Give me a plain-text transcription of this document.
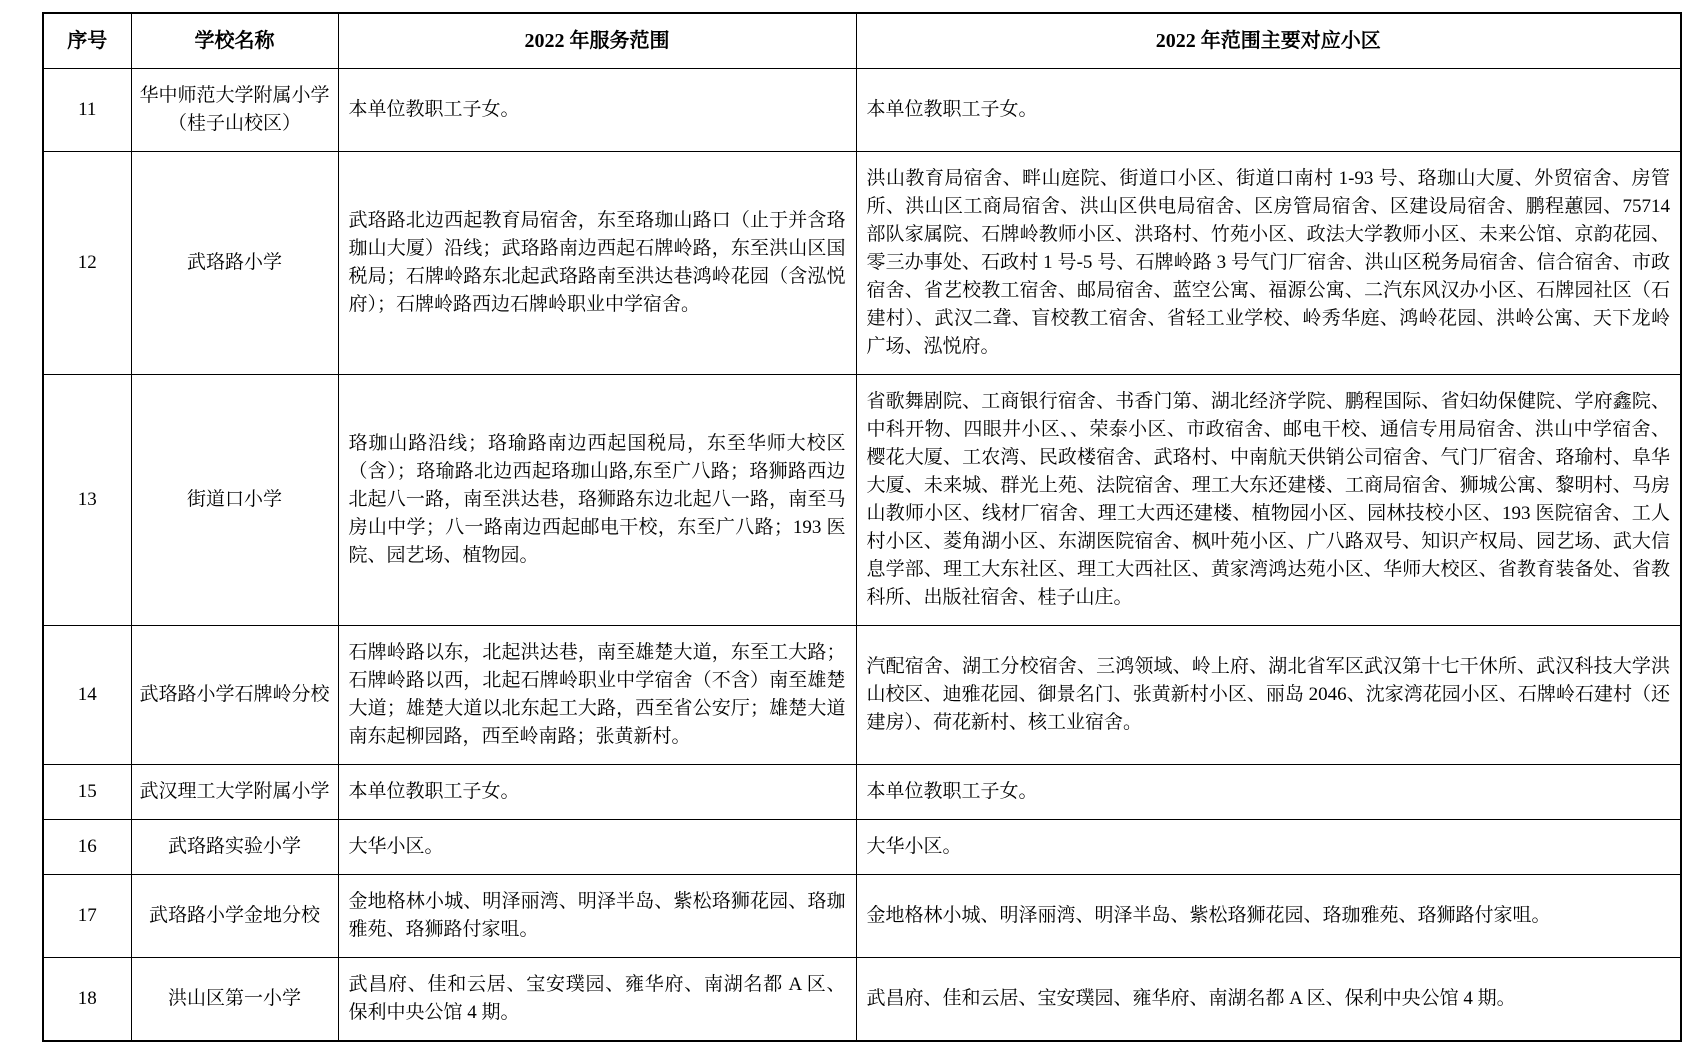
序号	学校名称	2022 年服务范围	2022 年范围主要对应小区
11	华中师范大学附属小学（桂子山校区）	本单位教职工子女。	本单位教职工子女。
12	武珞路小学	武珞路北边西起教育局宿舍，东至珞珈山路口（止于并含珞珈山大厦）沿线；武珞路南边西起石牌岭路，东至洪山区国税局；石牌岭路东北起武珞路南至洪达巷鸿岭花园（含泓悦府）；石牌岭路西边石牌岭职业中学宿舍。	洪山教育局宿舍、畔山庭院、街道口小区、街道口南村 1-93 号、珞珈山大厦、外贸宿舍、房管所、洪山区工商局宿舍、洪山区供电局宿舍、区房管局宿舍、区建设局宿舍、鹏程蕙园、75714 部队家属院、石牌岭教师小区、洪珞村、竹苑小区、政法大学教师小区、未来公馆、京韵花园、零三办事处、石政村 1 号-5 号、石牌岭路 3 号气门厂宿舍、洪山区税务局宿舍、信合宿舍、市政宿舍、省艺校教工宿舍、邮局宿舍、蓝空公寓、福源公寓、二汽东风汉办小区、石牌园社区（石建村）、武汉二聋、盲校教工宿舍、省轻工业学校、岭秀华庭、鸿岭花园、洪岭公寓、天下龙岭广场、泓悦府。
13	街道口小学	珞珈山路沿线；珞瑜路南边西起国税局，东至华师大校区（含）；珞瑜路北边西起珞珈山路,东至广八路；珞狮路西边北起八一路，南至洪达巷，珞狮路东边北起八一路，南至马房山中学；八一路南边西起邮电干校，东至广八路；193 医院、园艺场、植物园。	省歌舞剧院、工商银行宿舍、书香门第、湖北经济学院、鹏程国际、省妇幼保健院、学府鑫院、中科开物、四眼井小区、、荣泰小区、市政宿舍、邮电干校、通信专用局宿舍、洪山中学宿舍、樱花大厦、工农湾、民政楼宿舍、武珞村、中南航天供销公司宿舍、气门厂宿舍、珞瑜村、阜华大厦、未来城、群光上苑、法院宿舍、理工大东还建楼、工商局宿舍、狮城公寓、黎明村、马房山教师小区、线材厂宿舍、理工大西还建楼、植物园小区、园林技校小区、193 医院宿舍、工人村小区、菱角湖小区、东湖医院宿舍、枫叶苑小区、广八路双号、知识产权局、园艺场、武大信息学部、理工大东社区、理工大西社区、黄家湾鸿达苑小区、华师大校区、省教育装备处、省教科所、出版社宿舍、桂子山庄。
14	武珞路小学石牌岭分校	石牌岭路以东，北起洪达巷，南至雄楚大道，东至工大路；石牌岭路以西，北起石牌岭职业中学宿舍（不含）南至雄楚大道；雄楚大道以北东起工大路，西至省公安厅；雄楚大道南东起柳园路，西至岭南路；张黄新村。	汽配宿舍、湖工分校宿舍、三鸿领域、岭上府、湖北省军区武汉第十七干休所、武汉科技大学洪山校区、迪雅花园、御景名门、张黄新村小区、丽岛 2046、沈家湾花园小区、石牌岭石建村（还建房）、荷花新村、核工业宿舍。
15	武汉理工大学附属小学	本单位教职工子女。	本单位教职工子女。
16	武珞路实验小学	大华小区。	大华小区。
17	武珞路小学金地分校	金地格林小城、明泽丽湾、明泽半岛、紫松珞狮花园、珞珈雅苑、珞狮路付家咀。	金地格林小城、明泽丽湾、明泽半岛、紫松珞狮花园、珞珈雅苑、珞狮路付家咀。
18	洪山区第一小学	武昌府、佳和云居、宝安璞园、雍华府、南湖名都 A 区、保利中央公馆 4 期。	武昌府、佳和云居、宝安璞园、雍华府、南湖名都 A 区、保利中央公馆 4 期。
